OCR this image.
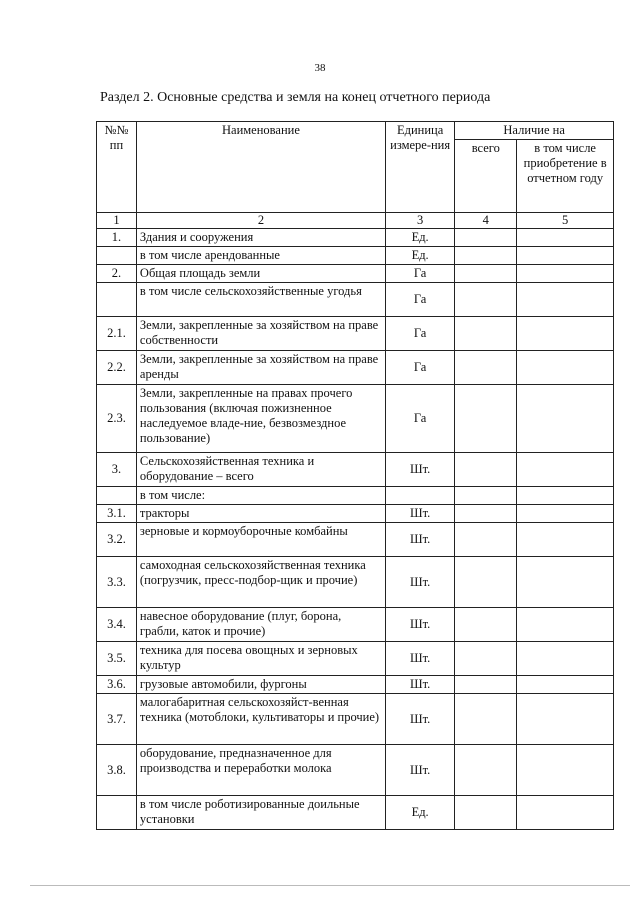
38
Раздел 2. Основные средства и земля на конец отчетного периода
№№ пп	Наименование	Единица измере-ния	Наличие на	
			всего	в том числе приобретение в отчетном году
1	2	3	4	5
1.	Здания и сооружения	Ед.		
	в том числе арендованные	Ед.		
2.	Общая площадь земли	Га		
	в том числе сельскохозяйственные угодья	Га		
2.1.	Земли, закрепленные за хозяйством на праве собственности	Га		
2.2.	Земли, закрепленные за хозяйством на праве аренды	Га		
2.3.	Земли, закрепленные на правах прочего пользования (включая пожизненное наследуемое владе-ние, безвозмездное пользование)	Га		
3.	Сельскохозяйственная техника и оборудование – всего	Шт.		
	в том числе:			
3.1.	тракторы	Шт.		
3.2.	зерновые и кормоуборочные комбайны	Шт.		
3.3.	самоходная сельскохозяйственная техника (погрузчик, пресс-подбор-щик и прочие)	Шт.		
3.4.	навесное оборудование (плуг, борона, грабли, каток и прочие)	Шт.		
3.5.	техника для посева овощных и зерновых культур	Шт.		
3.6.	грузовые автомобили, фургоны	Шт.		
3.7.	малогабаритная сельскохозяйст-венная техника (мотоблоки, культиваторы и прочие)	Шт.		
3.8.	оборудование, предназначенное для производства и переработки молока	Шт.		
	в том числе роботизированные доильные установки	Ед.		
